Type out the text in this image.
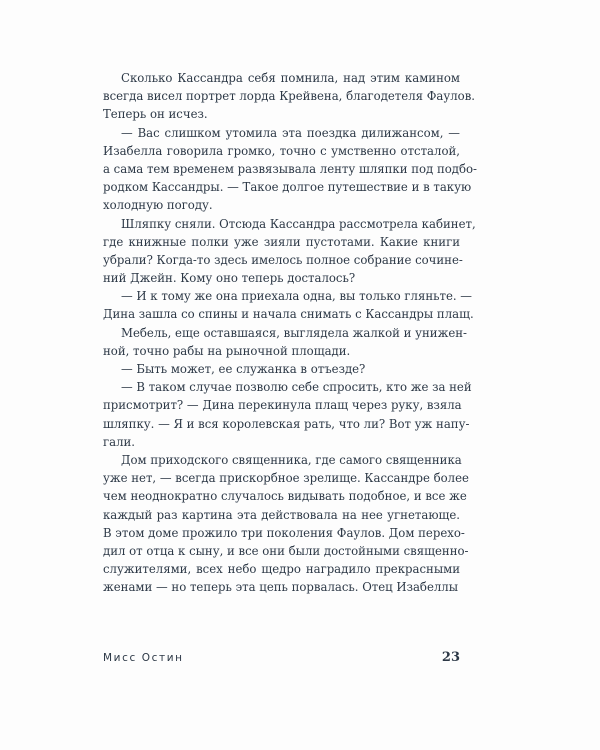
Сколько Кассандра себя помнила, над этим камином
всегда висел портрет лорда Крейвена, благодетеля Фаулов.
Теперь он исчез.
— Вас слишком утомила эта поездка дилижансом, —
Изабелла говорила громко, точно с умственно отсталой,
а сама тем временем развязывала ленту шляпки под подбо-
родком Кассандры. — Такое долгое путешествие и в такую
холодную погоду.
Шляпку сняли. Отсюда Кассандра рассмотрела кабинет,
где книжные полки уже зияли пустотами. Какие книги
убрали? Когда-то здесь имелось полное собрание сочине-
ний Джейн. Кому оно теперь досталось?
— И к тому же она приехала одна, вы только гляньте. —
Дина зашла со спины и начала снимать с Кассандры плащ.
Мебель, еще оставшаяся, выглядела жалкой и унижен-
ной, точно рабы на рыночной площади.
— Быть может, ее служанка в отъезде?
— В таком случае позволю себе спросить, кто же за ней
присмотрит? — Дина перекинула плащ через руку, взяла
шляпку. — Я и вся королевская рать, что ли? Вот уж напу-
гали.
Дом приходского священника, где самого священника
уже нет, — всегда прискорбное зрелище. Кассандре более
чем неоднократно случалось видывать подобное, и все же
каждый раз картина эта действовала на нее угнетающе.
В этом доме прожило три поколения Фаулов. Дом перехо-
дил от отца к сыну, и все они были достойными священно-
служителями, всех небо щедро наградило прекрасными
женами — но теперь эта цепь порвалась. Отец Изабеллы
Мисс Остин	23
